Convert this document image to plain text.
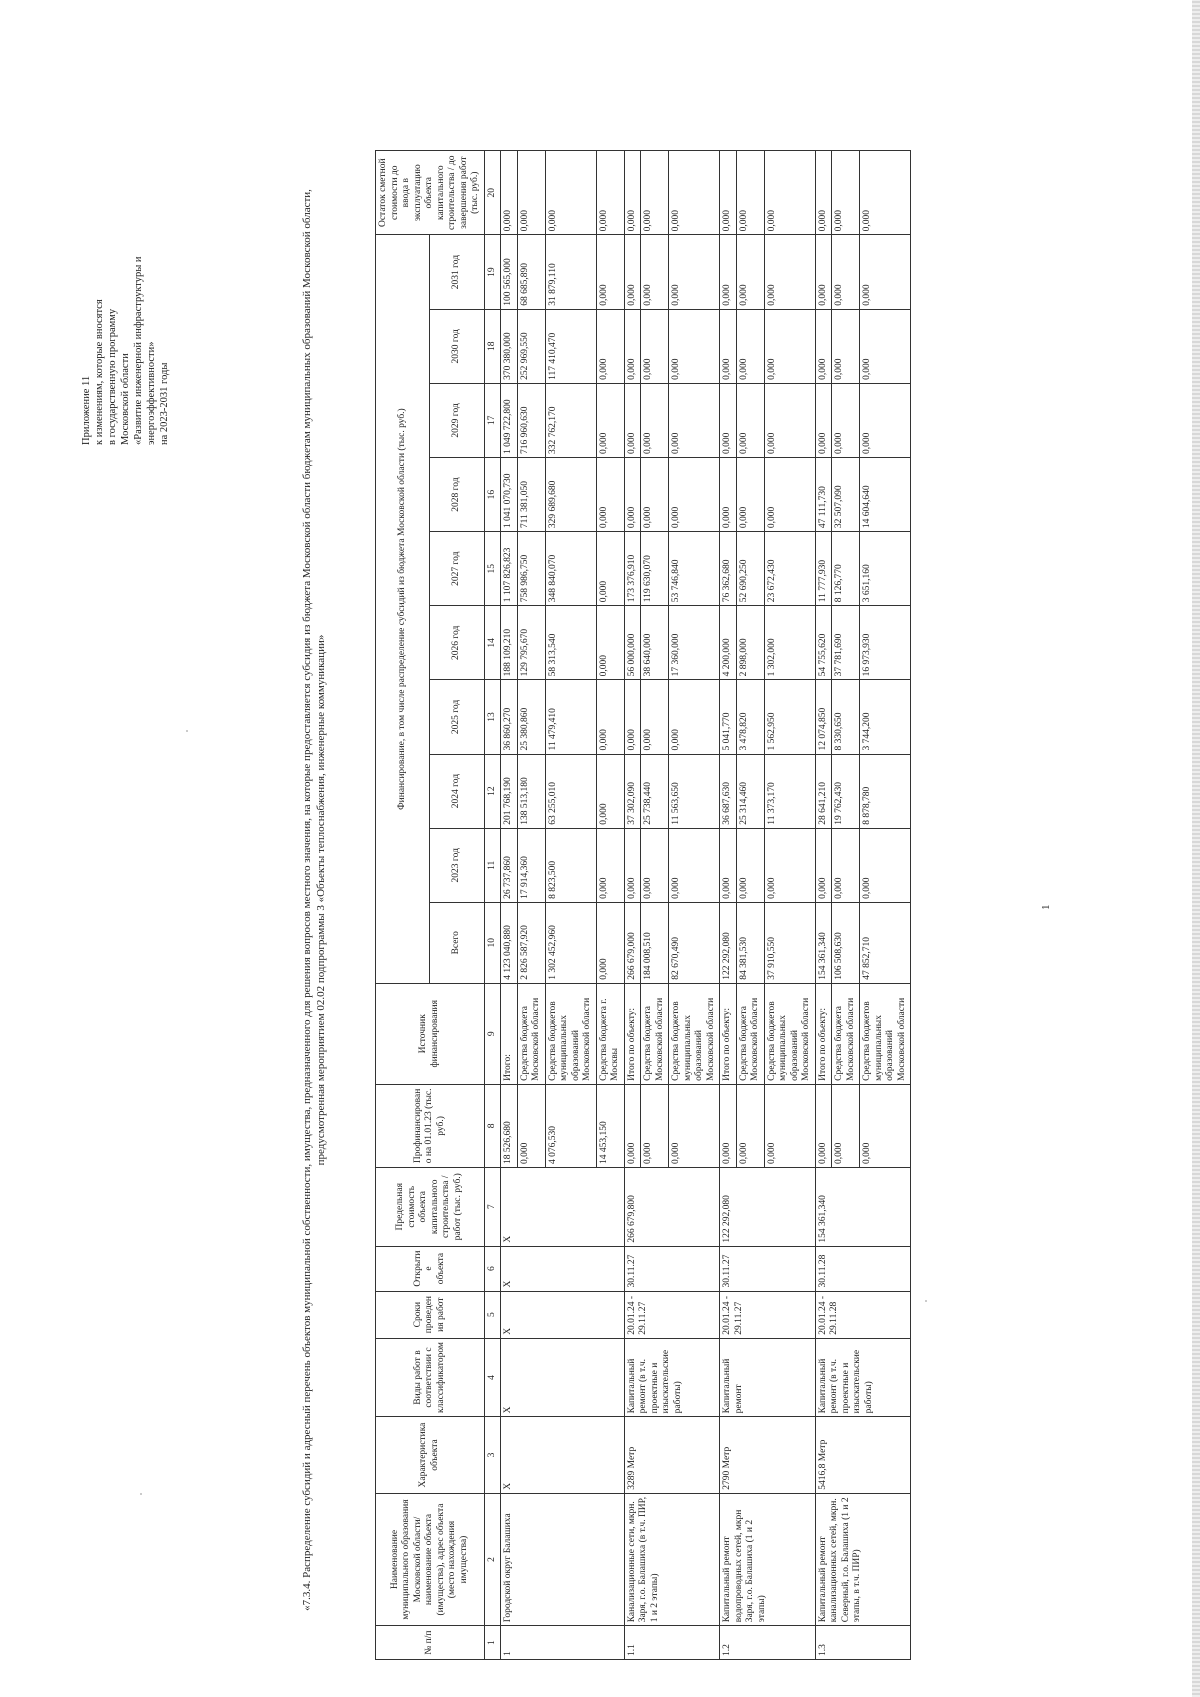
Приложение 11 к изменениям, которые вносятся в государственную программу Московской области «Развитие инженерной инфраструктуры и энергоэффективности» на 2023-2031 годы	«7.3.4. Распределение субсидий и адресный перечень объектов муниципальной собственности, имущества, предназначенного для решения вопросов местного значения, на которые предоставляется субсидия из бюджета Московской области бюджетам муниципальных образований Московской области, предусмотренная мероприятием 02.02 подпрограммы 3 «Объекты теплоснабжения, инженерные коммуникации»
№ п/п	Наименование муниципального образования Московской области/наименование объекта (имущества), адрес объекта (место нахождения имущества)	Характеристика объекта	Виды работ в соответствии с классификатором	Сроки проведения работ	Открытие объекта	Предельная стоимость объекта капитального строительства / работ (тыс. руб.)	Профинансировано на 01.01.23 (тыс. руб.)	Источник финансирования	Финансирование, в том числе распределение субсидий из бюджета Московской области (тыс. руб.)										Остаток сметной стоимости до ввода в эксплуатацию объекта капитального строительства / до завершения работ (тыс. руб.)
									Всего	2023 год	2024 год	2025 год	2026 год	2027 год	2028 год	2029 год	2030 год	2031 год	
1	2	3	4	5	6	7	8	9	10	11	12	13	14	15	16	17	18	19	20
1	Городской округ Балашиха	X	X	X	X	X	18 526,680	Итого:	4 123 040,880	26 737,860	201 768,190	36 860,270	188 109,210	1 107 826,823	1 041 070,730	1 049 722,800	370 380,000	100 565,000	0,000
							0,000	Средства бюджета Московской области	2 826 587,920	17 914,360	138 513,180	25 380,860	129 795,670	758 986,750	711 381,050	716 960,630	252 969,550	68 685,890	0,000
							4 076,530	Средства бюджетов муниципальных образований Московской области	1 302 452,960	8 823,500	63 255,010	11 479,410	58 313,540	348 840,070	329 689,680	332 762,170	117 410,470	31 879,110	0,000
							14 453,150	Средства бюджета г. Москвы	0,000	0,000	0,000	0,000	0,000	0,000	0,000	0,000	0,000	0,000	0,000
1.1	Канализационные сети, мкрн. Заря, г.о. Балашиха (в т.ч. ПИР, 1 и 2 этапы)	3289 Метр	Капитальный ремонт (в т.ч. проектные и изыскательские работы)	20.01.24 - 29.11.27	30.11.27	266 679,800	0,000	Итого по объекту:	266 679,000	0,000	37 302,090	0,000	56 000,000	173 376,910	0,000	0,000	0,000	0,000	0,000
							0,000	Средства бюджета Московской области	184 008,510	0,000	25 738,440	0,000	38 640,000	119 630,070	0,000	0,000	0,000	0,000	0,000
							0,000	Средства бюджетов муниципальных образований Московской области	82 670,490	0,000	11 563,650	0,000	17 360,000	53 746,840	0,000	0,000	0,000	0,000	0,000
1.2	Капитальный ремонт водопроводных сетей, мкрн Заря, г.о. Балашиха (1 и 2 этапы)	2790 Метр	Капитальный ремонт	20.01.24 - 29.11.27	30.11.27	122 292,080	0,000	Итого по объекту:	122 292,080	0,000	36 687,630	5 041,770	4 200,000	76 362,680	0,000	0,000	0,000	0,000	0,000
							0,000	Средства бюджета Московской области	84 381,530	0,000	25 314,460	3 478,820	2 898,000	52 690,250	0,000	0,000	0,000	0,000	0,000
							0,000	Средства бюджетов муниципальных образований Московской области	37 910,550	0,000	11 373,170	1 562,950	1 302,000	23 672,430	0,000	0,000	0,000	0,000	0,000
1.3	Капитальный ремонт канализационных сетей, мкрн. Северный, г.о. Балашиха (1 и 2 этапы, в т.ч. ПИР)	5416,8 Метр	Капитальный ремонт (в т.ч. проектные и изыскательские работы)	20.01.24 - 29.11.28	30.11.28	154 361,340	0,000	Итого по объекту:	154 361,340	0,000	28 641,210	12 074,850	54 755,620	11 777,930	47 111,730	0,000	0,000	0,000	0,000
							0,000	Средства бюджета Московской области	106 508,630	0,000	19 762,430	8 330,650	37 781,690	8 126,770	32 507,090	0,000	0,000	0,000	0,000
							0,000	Средства бюджетов муниципальных образований Московской области	47 852,710	0,000	8 878,780	3 744,200	16 973,930	3 651,160	14 604,640	0,000	0,000	0,000	0,000
1
